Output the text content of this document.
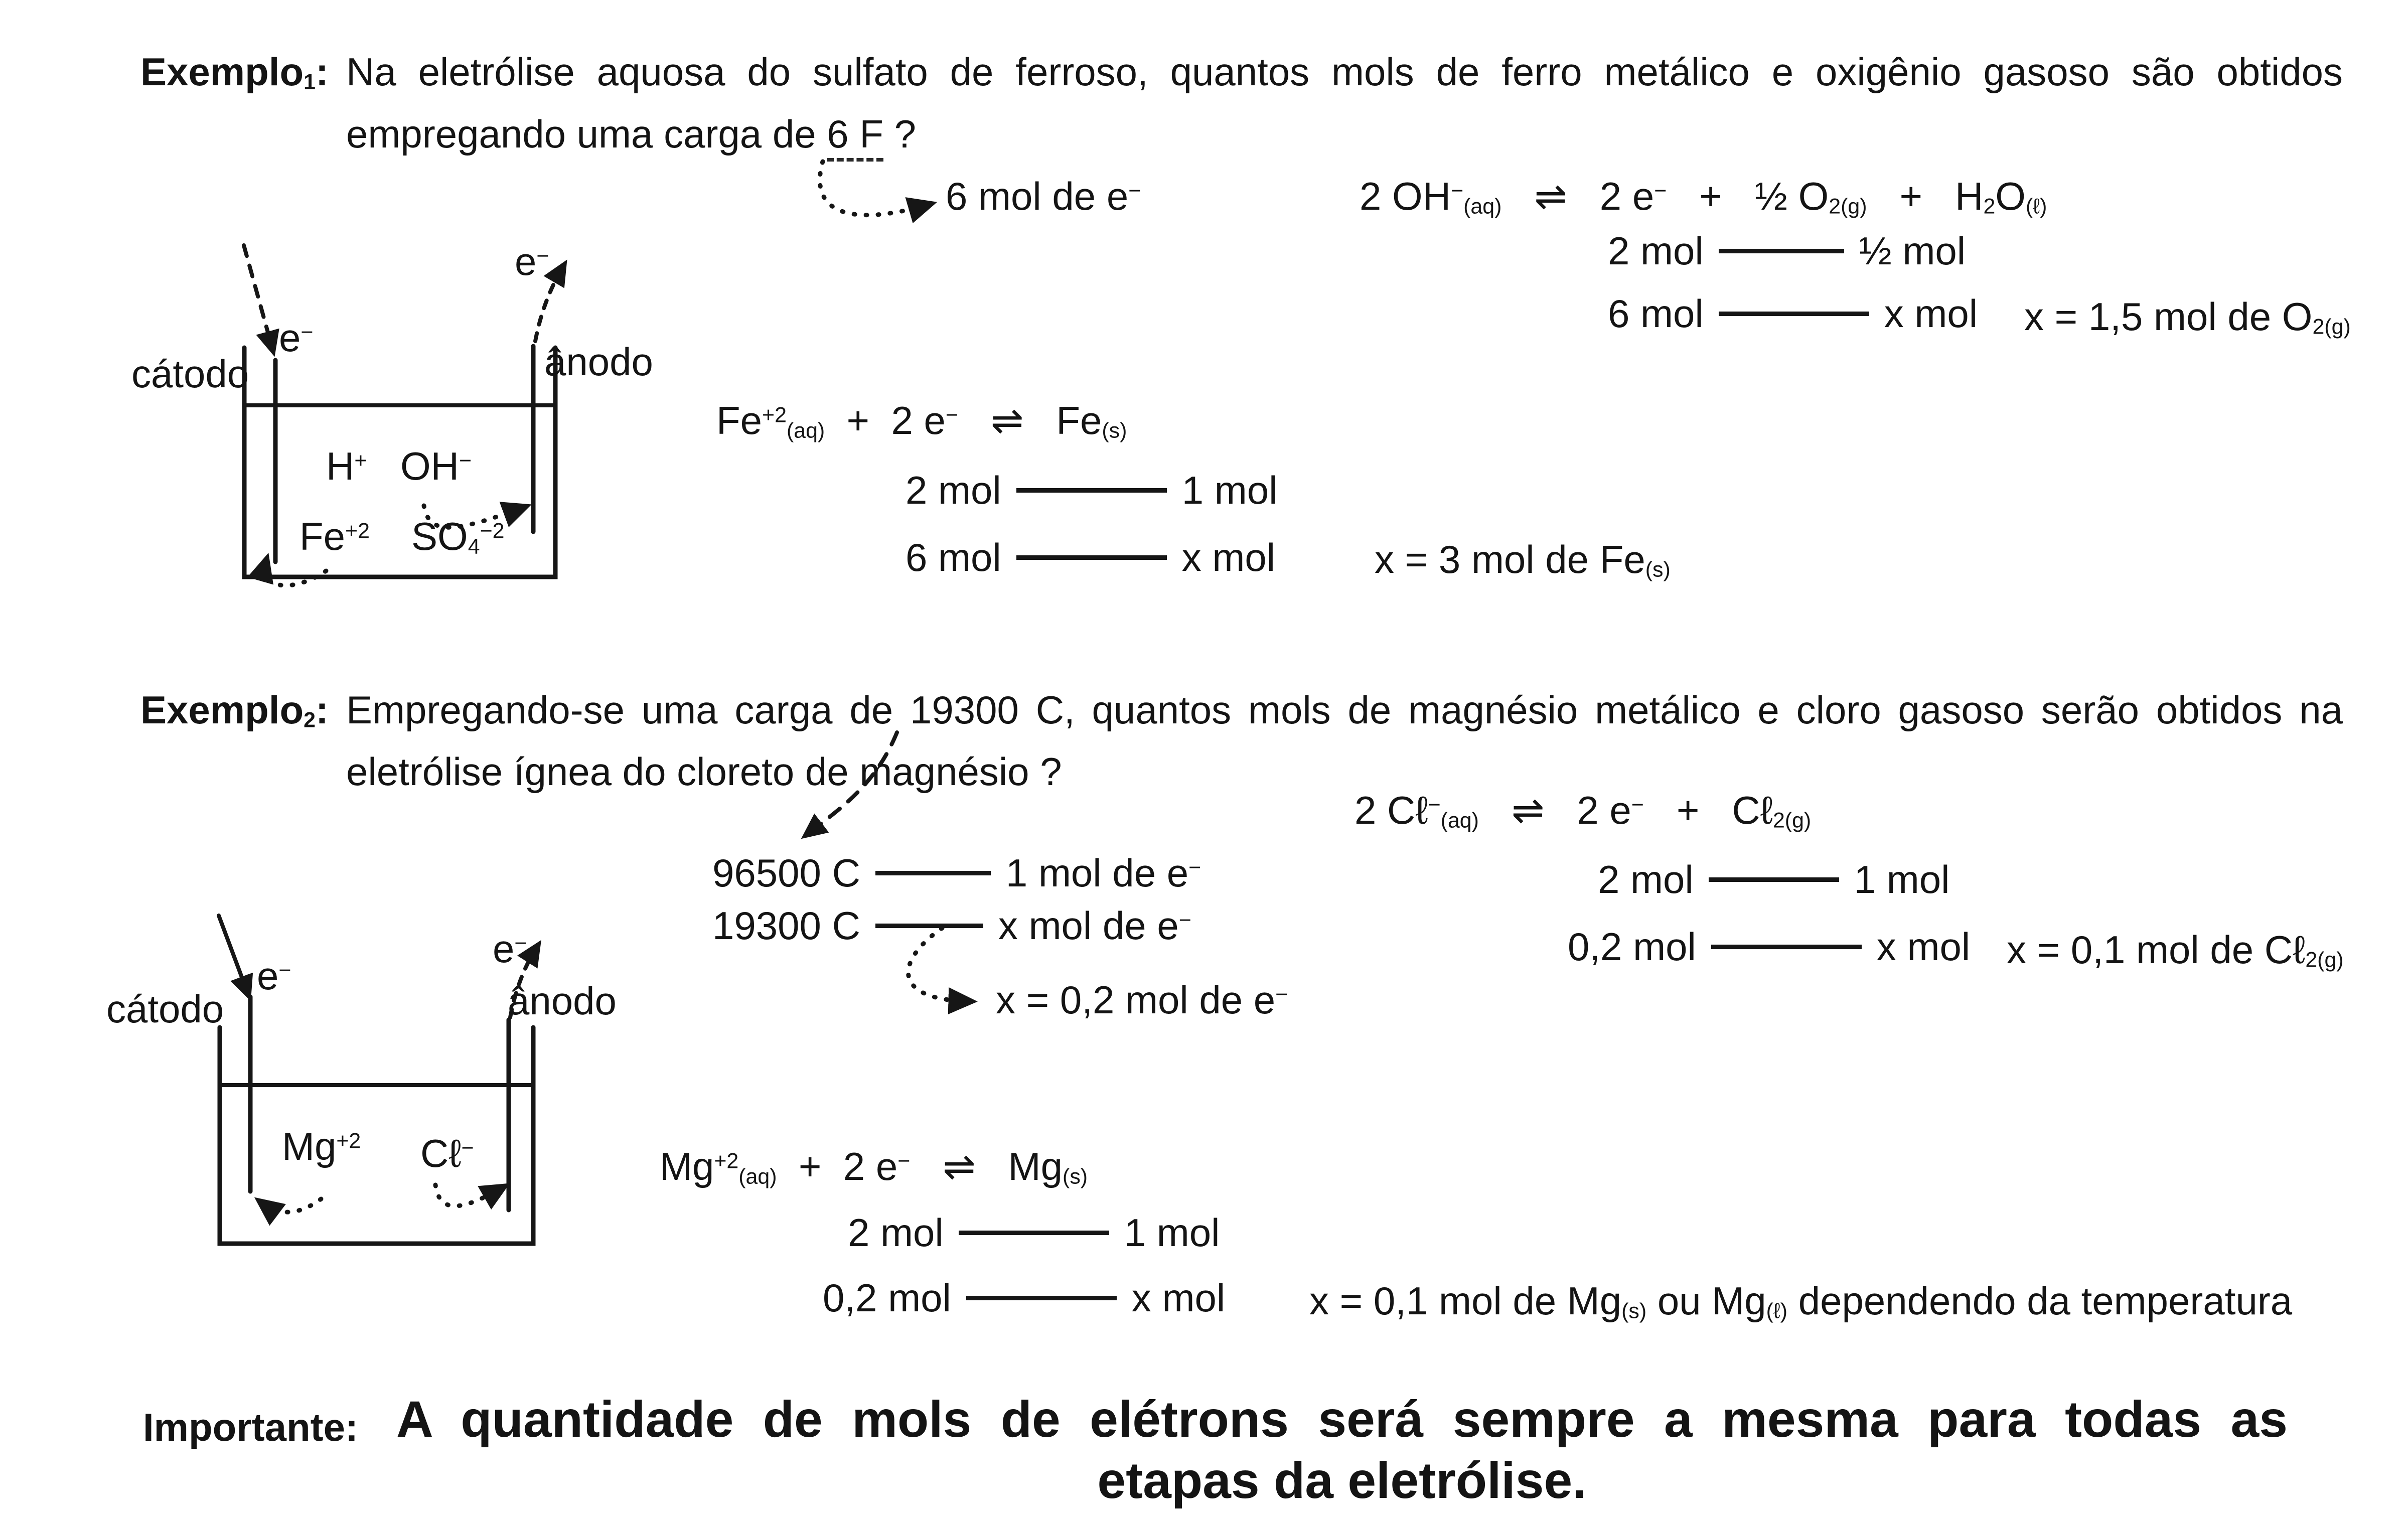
Exemplo$_1$: Na eletrólise aquosa do sulfato de ferroso, quantos mols de ferro metálico e oxigênio gasoso são obtidos
empregando uma carga de 6 F ?
6 mol de e−
cátodo
e−
ânodo
e−
H+ OH−
$Fe^{+2}$ $SO_4^{-2}$
2 $OH^-_{(aq)}$   ⇌   2 e−   +   ½ $O_{2(g)} + H_2O_{(\ell)}$
2 mol	½ mol
6 mol	x mol x = 1,5 mol de $O_{2(g)}$
$Fe^{+2}_{(aq)} + 2$ e−   ⇌   $Fe_{(s)}$
2 mol	1 mol
6 mol	x mol	x = 3 mol de $Fe_{(s)}$
Exemplo$_2$: Empregando-se uma carga de 19300 C, quantos mols de magnésio metálico e cloro gasoso serão obtidos na
eletrólise ígnea do cloreto de magnésio ?
96500 C	1 mol de e−
19300 C	x mol de e−
x = 0,2 mol de e−
cátodo
e−
ânodo
e−
$Mg^{+2}$ Cℓ−
2 Cℓ−$_{(aq)}$   ⇌   2 e−   +   Cℓ$_{2(g)}$
2 mol	1 mol
0,2 mol	x mol x = 0,1 mol de Cℓ$_{2(g)}$
$Mg^{+2}_{(aq)} + 2$ e−   ⇌   $Mg_{(s)}$
2 mol	1 mol
0,2 mol	x mol x = 0,1 mol de $Mg_{(s)}$ ou $Mg_{(\ell)}$ dependendo da temperatura
Importante: A quantidade de mols de elétrons será sempre a mesma para todas as
etapas da eletrólise.
